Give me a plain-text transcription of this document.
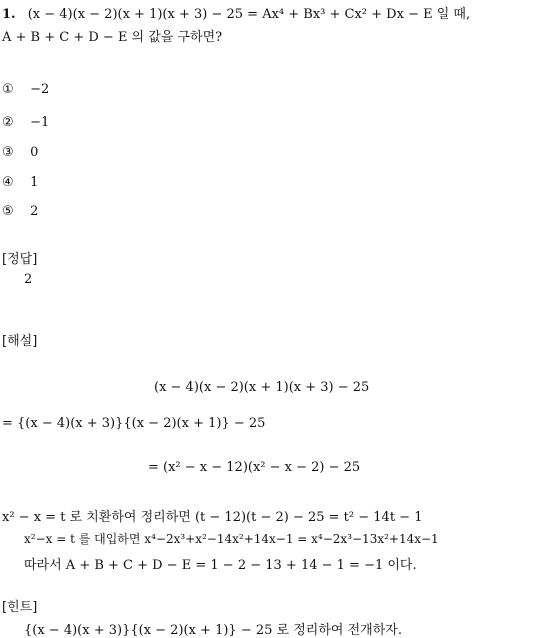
1. (x − 4)(x − 2)(x + 1)(x + 3) − 25 = Ax⁴ + Bx³ + Cx² + Dx − E 일 때,
A + B + C + D − E 의 값을 구하면?
① −2
② −1
③ 0
④ 1
⑤ 2
[정답]
2
[해설]
(x − 4)(x − 2)(x + 1)(x + 3) − 25
= {(x − 4)(x + 3)}{(x − 2)(x + 1)} − 25
= (x² − x − 12)(x² − x − 2) − 25
x² − x = t 로 치환하여 정리하면 (t − 12)(t − 2) − 25 = t² − 14t − 1
x²−x = t 를 대입하면 x⁴−2x³+x²−14x²+14x−1 = x⁴−2x³−13x²+14x−1
따라서 A + B + C + D − E = 1 − 2 − 13 + 14 − 1 = −1 이다.
[힌트]
{(x − 4)(x + 3)}{(x − 2)(x + 1)} − 25 로 정리하여 전개하자.
